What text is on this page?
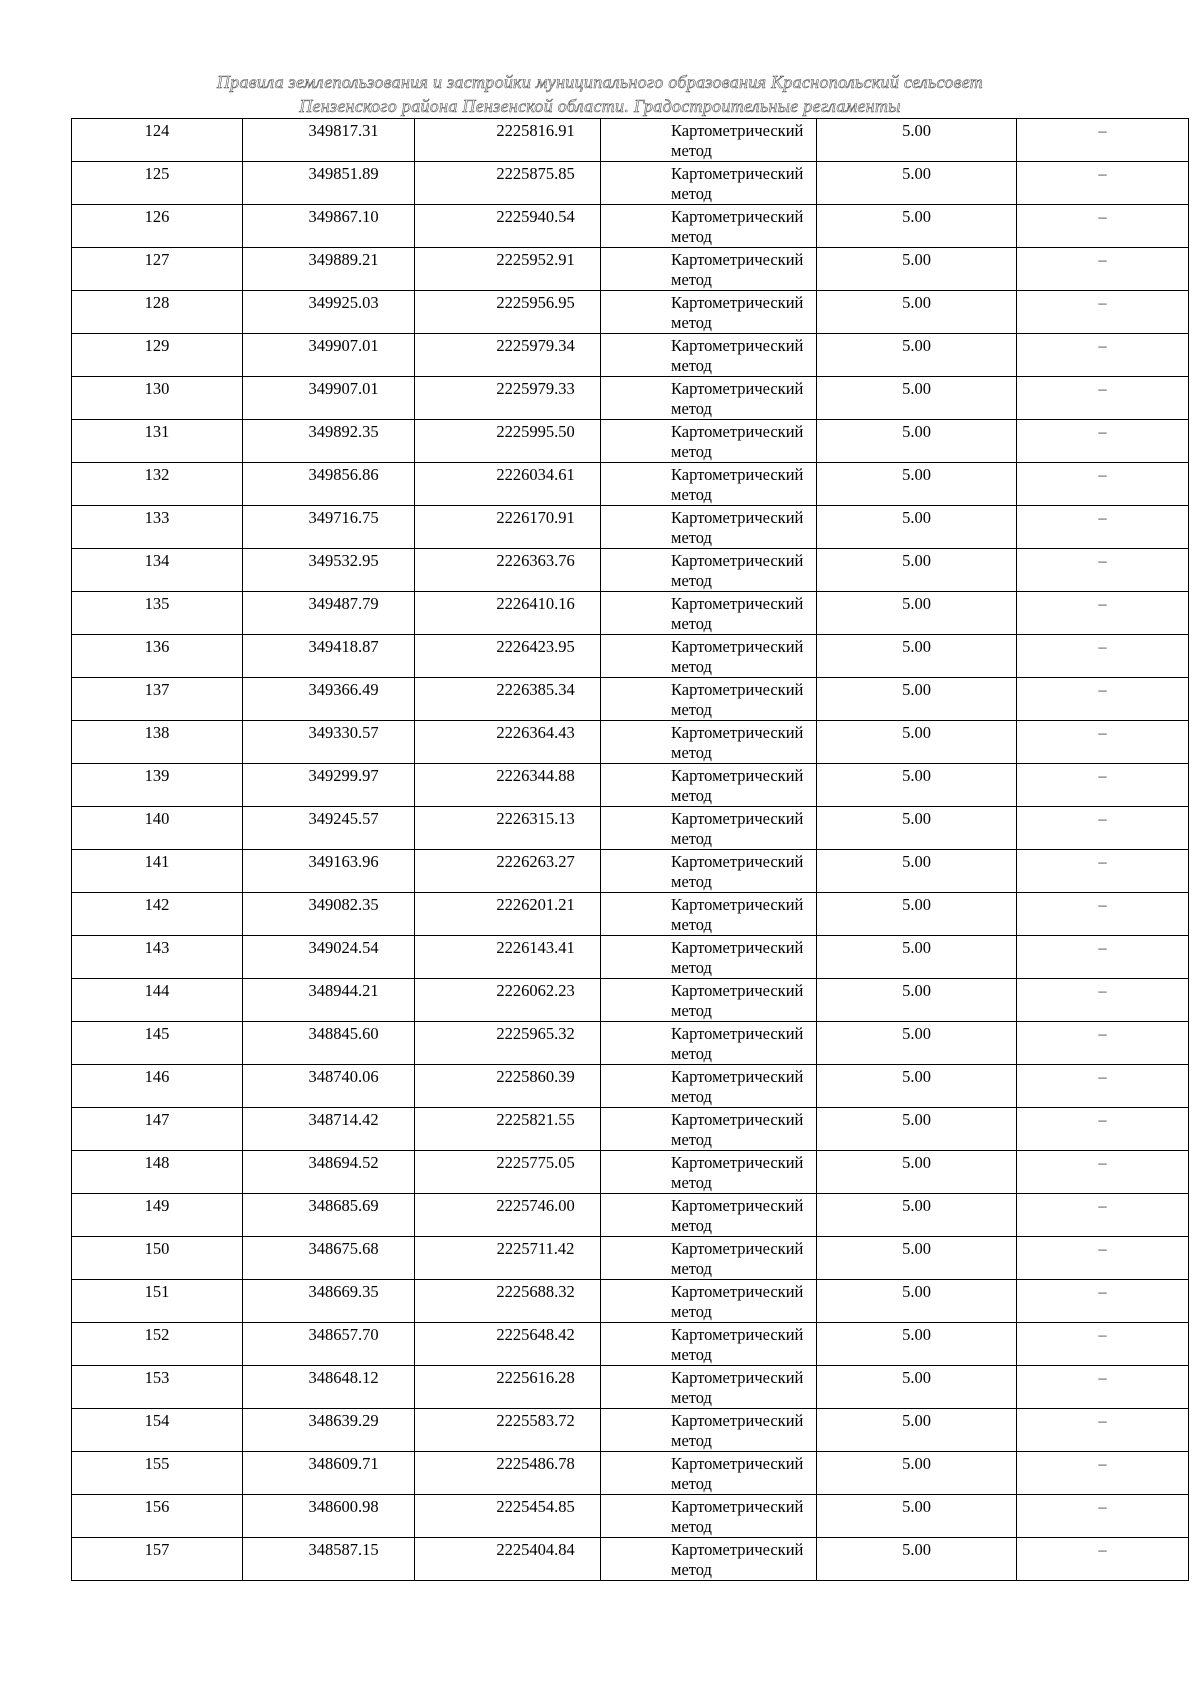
Правила землепользования и застройки муниципального образования Краснопольский сельсовет
Пензенского района Пензенской области. Градостроительные регламенты
124	349817.31	2225816.91	Картометрический метод	5.00	–
125	349851.89	2225875.85	Картометрический метод	5.00	–
126	349867.10	2225940.54	Картометрический метод	5.00	–
127	349889.21	2225952.91	Картометрический метод	5.00	–
128	349925.03	2225956.95	Картометрический метод	5.00	–
129	349907.01	2225979.34	Картометрический метод	5.00	–
130	349907.01	2225979.33	Картометрический метод	5.00	–
131	349892.35	2225995.50	Картометрический метод	5.00	–
132	349856.86	2226034.61	Картометрический метод	5.00	–
133	349716.75	2226170.91	Картометрический метод	5.00	–
134	349532.95	2226363.76	Картометрический метод	5.00	–
135	349487.79	2226410.16	Картометрический метод	5.00	–
136	349418.87	2226423.95	Картометрический метод	5.00	–
137	349366.49	2226385.34	Картометрический метод	5.00	–
138	349330.57	2226364.43	Картометрический метод	5.00	–
139	349299.97	2226344.88	Картометрический метод	5.00	–
140	349245.57	2226315.13	Картометрический метод	5.00	–
141	349163.96	2226263.27	Картометрический метод	5.00	–
142	349082.35	2226201.21	Картометрический метод	5.00	–
143	349024.54	2226143.41	Картометрический метод	5.00	–
144	348944.21	2226062.23	Картометрический метод	5.00	–
145	348845.60	2225965.32	Картометрический метод	5.00	–
146	348740.06	2225860.39	Картометрический метод	5.00	–
147	348714.42	2225821.55	Картометрический метод	5.00	–
148	348694.52	2225775.05	Картометрический метод	5.00	–
149	348685.69	2225746.00	Картометрический метод	5.00	–
150	348675.68	2225711.42	Картометрический метод	5.00	–
151	348669.35	2225688.32	Картометрический метод	5.00	–
152	348657.70	2225648.42	Картометрический метод	5.00	–
153	348648.12	2225616.28	Картометрический метод	5.00	–
154	348639.29	2225583.72	Картометрический метод	5.00	–
155	348609.71	2225486.78	Картометрический метод	5.00	–
156	348600.98	2225454.85	Картометрический метод	5.00	–
157	348587.15	2225404.84	Картометрический метод	5.00	–
